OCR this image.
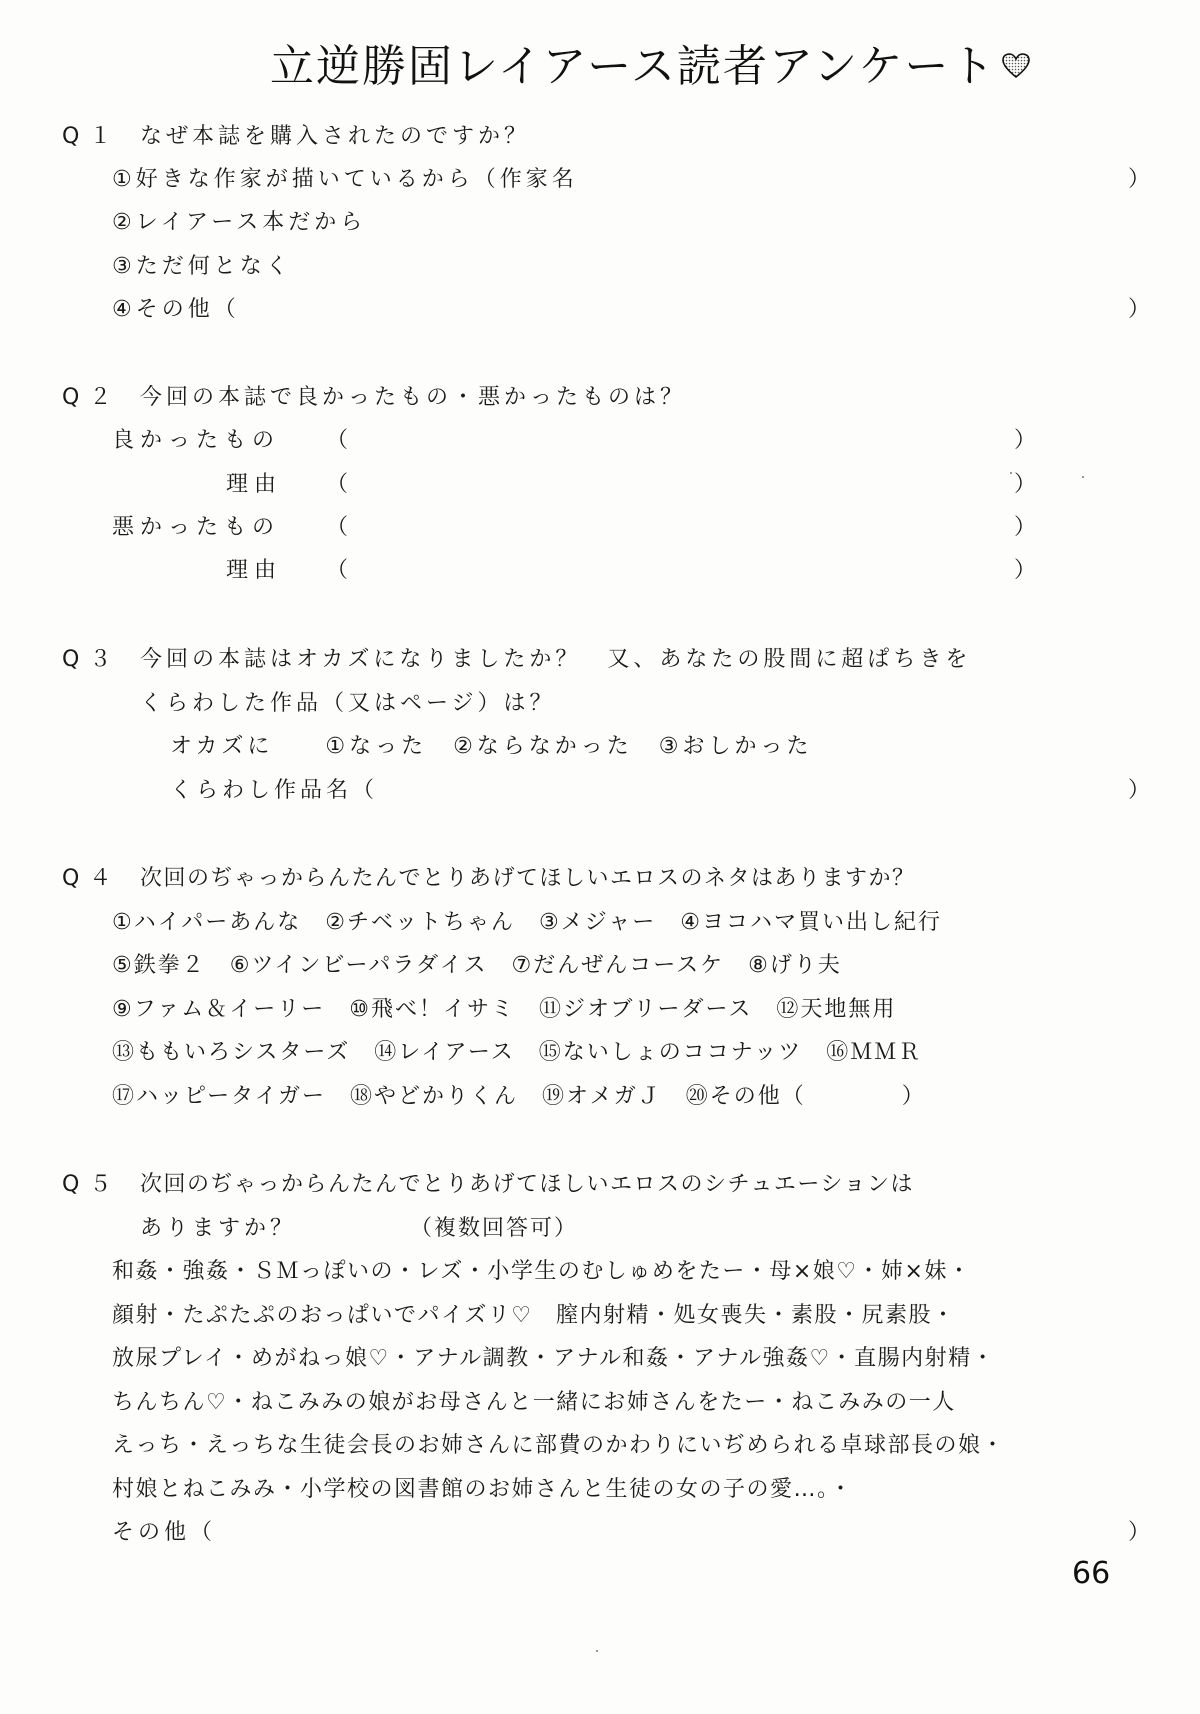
立逆勝固レイアース読者アンケート
Q１ なぜ本誌を購入されたのですか？
①好きな作家が描いているから（作家名	）
②レイアース本だから
③ただ何となく
④その他（	）
Q２ 今回の本誌で良かったもの・悪かったものは？
良かったもの （	）
理由 （	）
悪かったもの （	）
理由 （	）
Q３ 今回の本誌はオカズになりましたか？　又、あなたの股間に超ぱちきを
くらわした作品（又はページ）は？
オカズに　　①なった　②ならなかった　③おしかった
くらわし作品名（	）
Q４ 次回のぢゃっからんたんでとりあげてほしいエロスのネタはありますか？
①ハイパーあんな　②チベットちゃん　③メジャー　④ヨコハマ買い出し紀行
⑤鉄拳２　⑥ツインビーパラダイス　⑦だんぜんコースケ　⑧げり夫
⑨ファム＆イーリー　⑩飛べ！イサミ　⑪ジオブリーダース　⑫天地無用
⑬ももいろシスターズ　⑭レイアース　⑮ないしょのココナッツ　⑯ＭＭＲ
⑰ハッピータイガー　⑱やどかりくん　⑲オメガＪ　⑳その他（　　　　）
Q５ 次回のぢゃっからんたんでとりあげてほしいエロスのシチュエーションは
ありますか？	（複数回答可）
和姦・強姦・ＳＭっぽいの・レズ・小学生のむしゅめをたー・母×娘♡・姉×妹・
顔射・たぷたぷのおっぱいでパイズリ♡　膣内射精・処女喪失・素股・尻素股・
放尿プレイ・めがねっ娘♡・アナル調教・アナル和姦・アナル強姦♡・直腸内射精・
ちんちん♡・ねこみみの娘がお母さんと一緒にお姉さんをたー・ねこみみの一人
えっち・えっちな生徒会長のお姉さんに部費のかわりにいぢめられる卓球部長の娘・
村娘とねこみみ・小学校の図書館のお姉さんと生徒の女の子の愛…。・
その他（	）
66
